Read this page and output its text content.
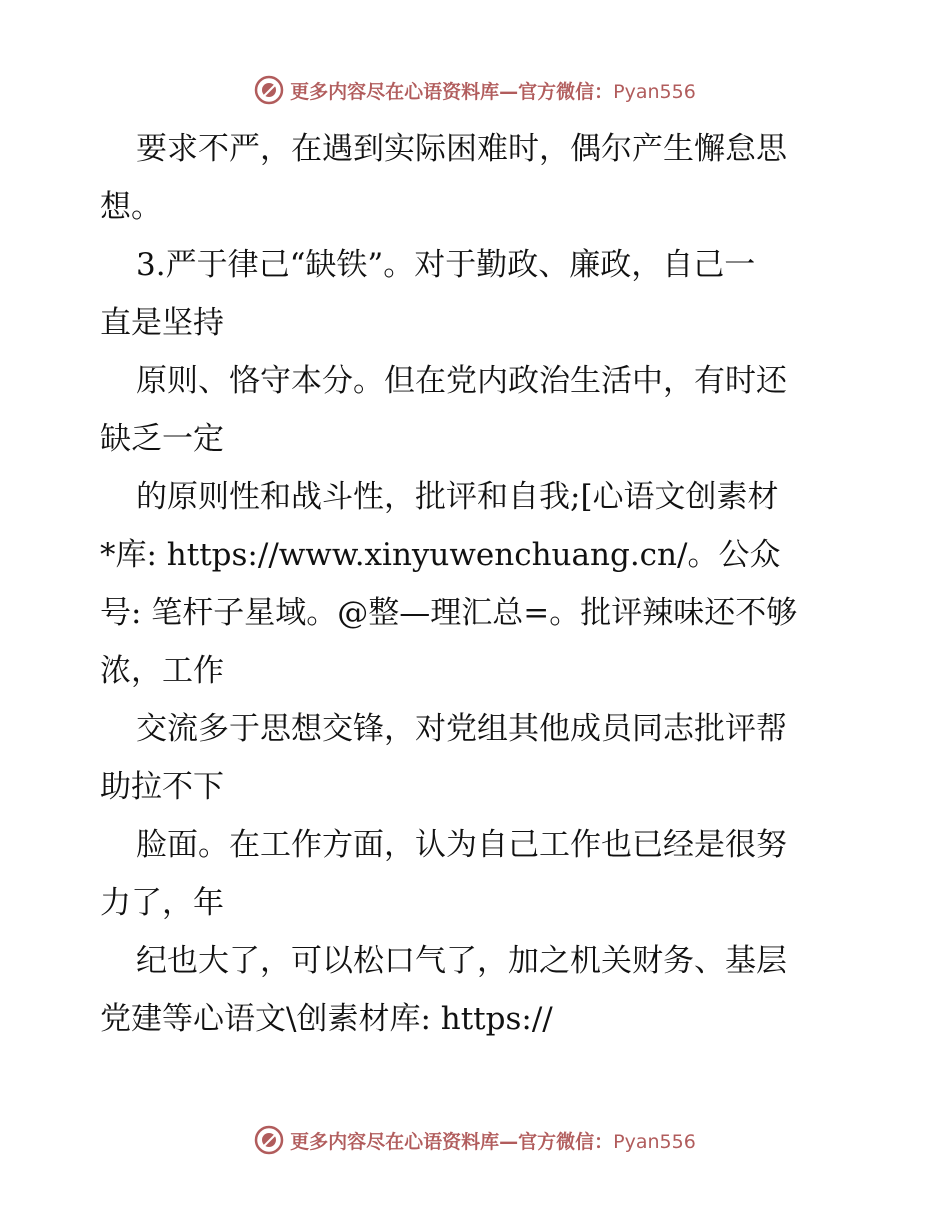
更多内容尽在心语资料库—官方微信：Pyan556
要求不严，在遇到实际困难时，偶尔产生懈怠思
想。
3.严于律己“缺铁”。对于勤政、廉政，自己一
直是坚持
原则、恪守本分。但在党内政治生活中，有时还
缺乏一定
的原则性和战斗性，批评和自我;[心语文创素材
*库: https://www.xinyuwenchuang.cn/。公众
号: 笔杆子星域。@整—理汇总=。批评辣味还不够
浓，工作
交流多于思想交锋，对党组其他成员同志批评帮
助拉不下
脸面。在工作方面，认为自己工作也已经是很努
力了，年
纪也大了，可以松口气了，加之机关财务、基层
党建等心语文\创素材库: https://
更多内容尽在心语资料库—官方微信：Pyan556
